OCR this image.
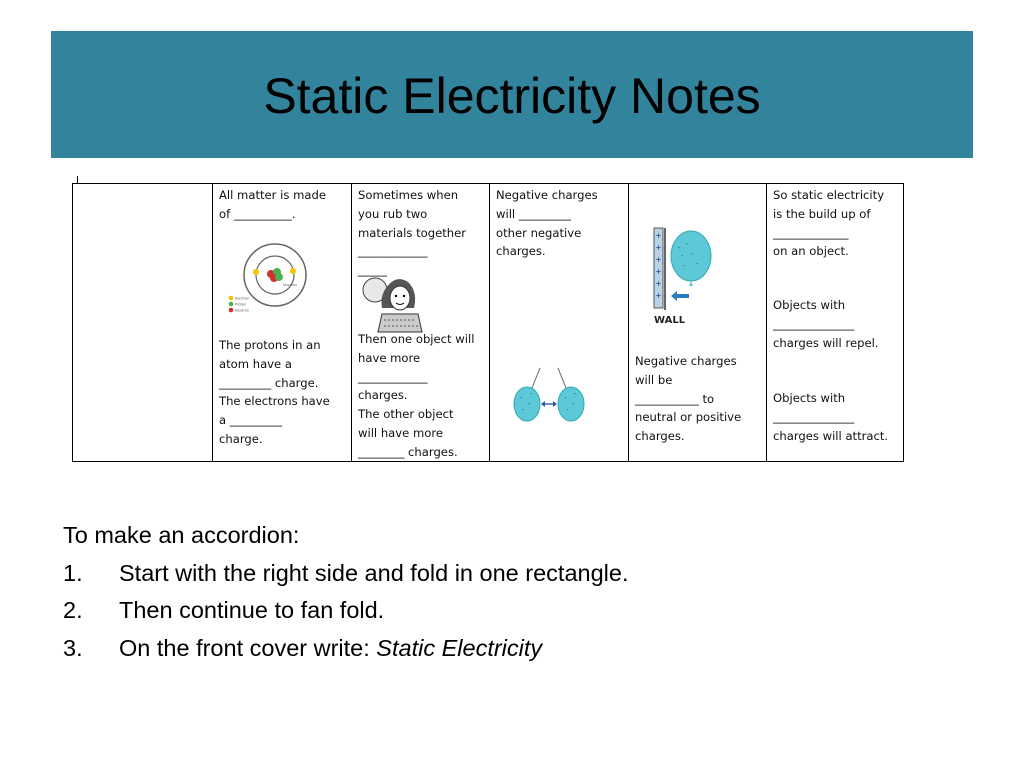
Static Electricity Notes
All matter is made
of __________.
Nucleus
Electron
Proton
Neutron
The protons in an
atom have a
_________ charge.
The electrons have
a _________
charge.
Sometimes when
you rub two
materials together
____________
_____
Then one object will
have more
____________
charges.
The other object
will have more
________ charges.
Negative charges
will _________
other negative
charges.
-
-
-
-	-
-
-
-
+
+
+
+
+
+
- -
- -
- -
WALL
Negative charges
will be
___________ to
neutral or positive
charges.
So static electricity
is the build up of
_____________
on an object.
Objects with
______________
charges will repel.
Objects with
______________
charges will attract.
To make an accordion:
1. Start with the right side and fold in one rectangle.
2. Then continue to fan fold.
3. On the front cover write: Static Electricity
